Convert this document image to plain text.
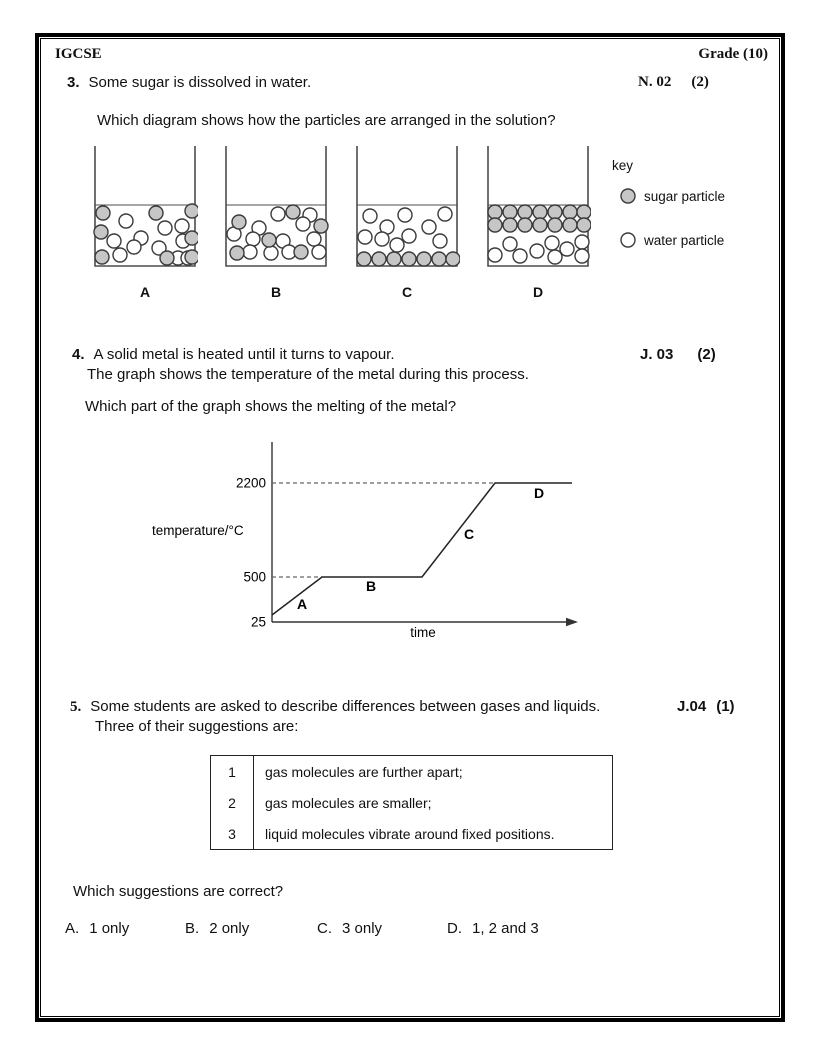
IGCSE	Grade (10)
3. Some sugar is dissolved in water.	N. 02 (2)
Which diagram shows how the particles are arranged in the solution?
A	B	C	D
key
sugar particle
water particle
4. A solid metal is heated until it turns to vapour.
The graph shows the temperature of the metal during this process.
J. 03 (2)
Which part of the graph shows the melting of the metal?
2200
500
25
temperature/°C
time
A
B
C
D
5. Some students are asked to describe differences between gases and liquids.
Three of their suggestions are:
J.04 (1)
1	gas molecules are further apart;
2	gas molecules are smaller;
3	liquid molecules vibrate around fixed positions.
Which suggestions are correct?
A. 1 only	B. 2 only	C. 3 only	D. 1, 2 and 3
